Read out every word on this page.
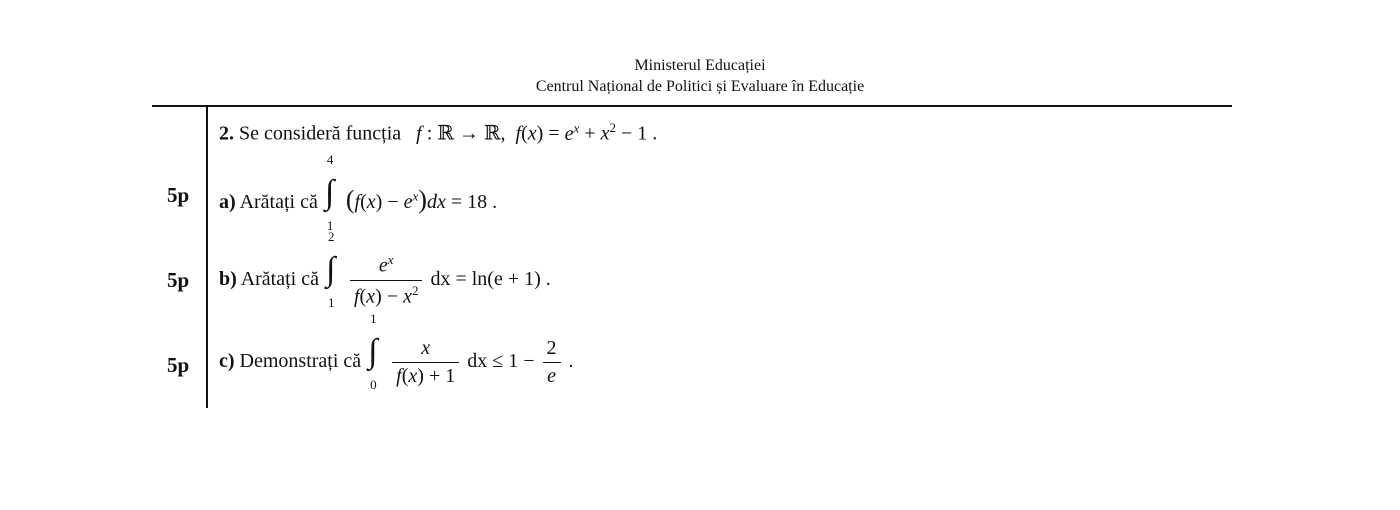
Ministerul Educației
Centrul Național de Politici și Evaluare în Educație
2. Se consideră funcția   f : ℝ → ℝ,  $f(x) = e^x + x^2 - 1$ .
5p a) Arătați că
4
∫
1
$(f(x) - e^x)dx = 18$ .
5p b) Arătați că
2
∫
1
$\frac{e^x}{f(x) - x^2}$ dx = ln(e + 1) .
5p c) Demonstrați că
1
∫
0
$\frac{x}{f(x) + 1}$ dx ≤ $1 - \frac{2}{e}$ .
